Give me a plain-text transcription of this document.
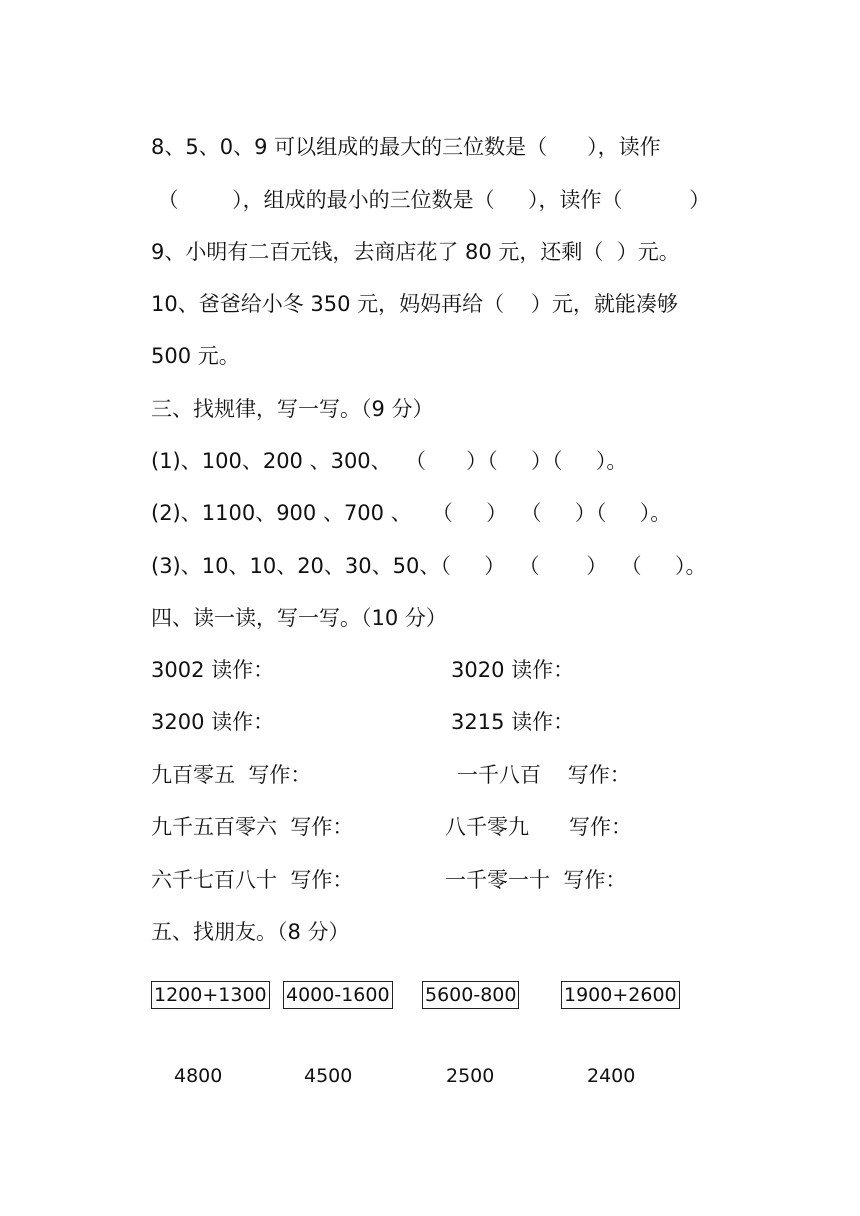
8、5、0、9 可以组成的最大的三位数是（      ），读作
（        ），组成的最小的三位数是（     ），读作（          ）
9、小明有二百元钱，去商店花了 80 元，还剩（  ）元。
10、爸爸给小冬 350 元，妈妈再给（    ）元，就能凑够
500 元。
三、找规律，写一写。（9 分）
(1)、100、200 、300、  （      ）（     ）（     ）。
(2)、1100、900 、700 、   （     ）  （     ）（     ）。
(3)、10、10、20、30、50、（     ）  （       ）  （     ）。
四、读一读，写一写。（10 分）
3002 读作：	3020 读作：
3200 读作：	3215 读作：
九百零五  写作：	一千八百    写作：
九千五百零六  写作：	八千零九      写作：
六千七百八十  写作：	一千零一十  写作：
五、找朋友。（8 分）
1200+1300 4000-1600 5600-800	1900+2600
4800	4500	2500	2400
